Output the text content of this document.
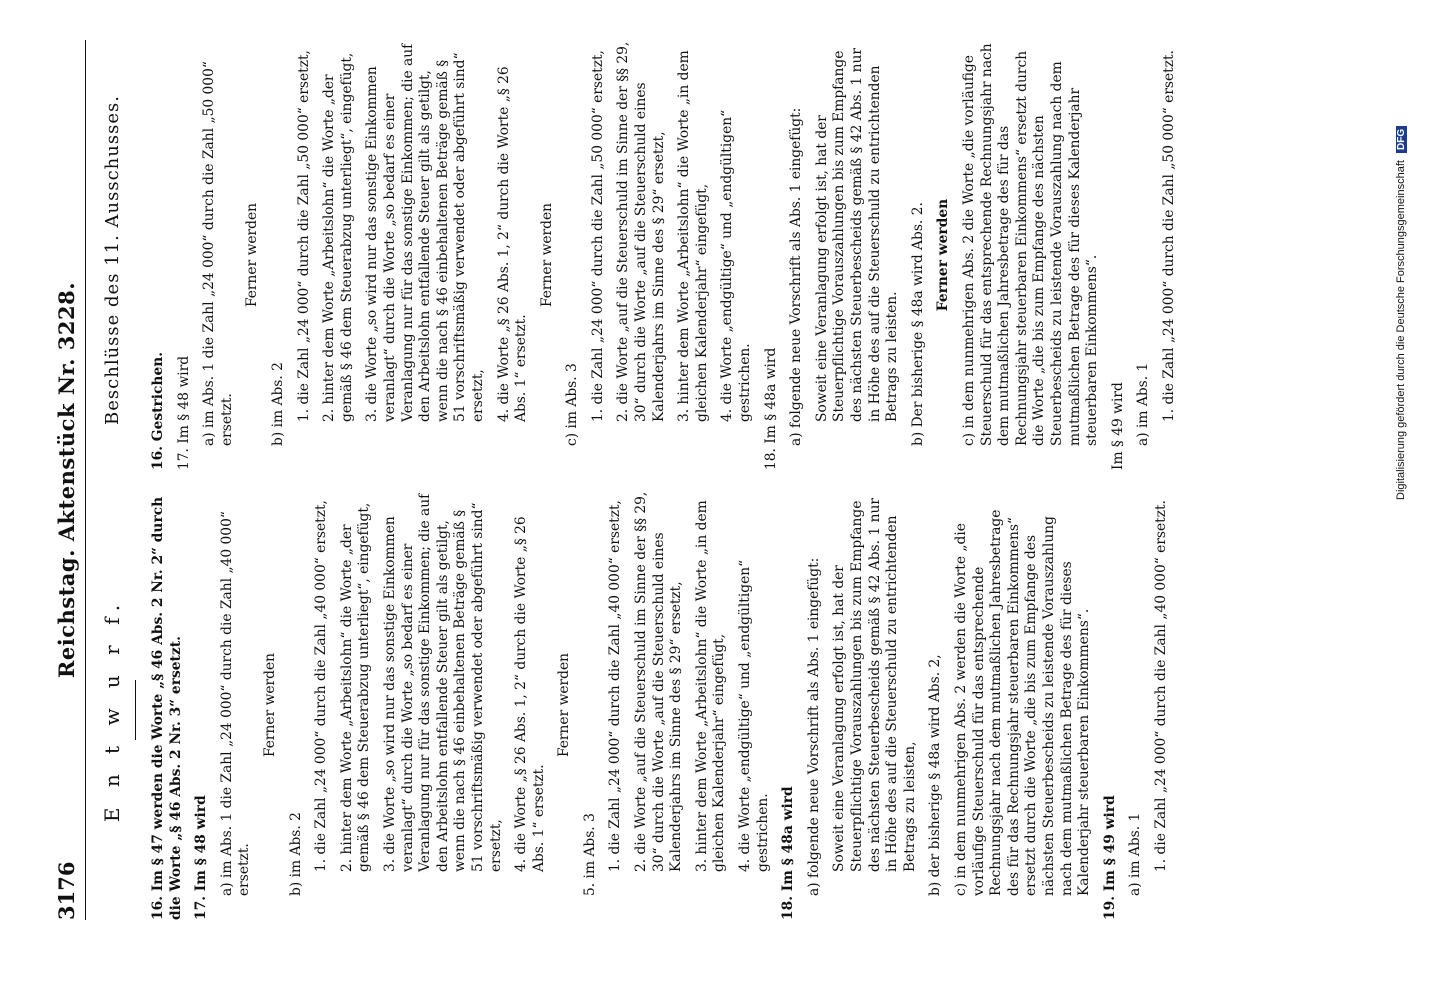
3176
Reichstag. Aktenstück Nr. 3228.
E n t w u r f.
Beschlüsse des 11. Ausschusses.
16. Im § 47 werden die Worte „§ 46 Abs. 2 Nr. 2“ durch die Worte „§ 46 Abs. 2 Nr. 3“ ersetzt. 17. Im § 48 wird a) im Abs. 1 die Zahl „24 000“ durch die Zahl „40 000“ ersetzt.
Ferner werden
b) im Abs. 2 1. die Zahl „24 000“ durch die Zahl „40 000“ ersetzt, 2. hinter dem Worte „Arbeitslohn“ die Worte „der gemäß § 46 dem Steuerabzug unterliegt“, eingefügt, 3. die Worte „so wird nur das sonstige Einkommen veranlagt“ durch die Worte „so bedarf es einer Veranlagung nur für das sonstige Einkommen; die auf den Arbeitslohn entfallende Steuer gilt als getilgt, wenn die nach § 46 einbehaltenen Beträge gemäß § 51 vorschriftsmäßig verwendet oder abgeführt sind“ ersetzt, 4. die Worte „§ 26 Abs. 1, 2“ durch die Worte „§ 26 Abs. 1“ ersetzt.
Ferner werden
5. im Abs. 3 1. die Zahl „24 000“ durch die Zahl „40 000“ ersetzt, 2. die Worte „auf die Steuerschuld im Sinne der §§ 29, 30“ durch die Worte „auf die Steuerschuld eines Kalenderjahrs im Sinne des § 29“ ersetzt, 3. hinter dem Worte „Arbeitslohn“ die Worte „in dem gleichen Kalenderjahr“ eingefügt, 4. die Worte „endgültige“ und „endgültigen“ gestrichen. 18. Im § 48a wird a) folgende neue Vorschrift als Abs. 1 eingefügt: Soweit eine Veranlagung erfolgt ist, hat der Steuerpflichtige Vorauszahlungen bis zum Empfange des nächsten Steuerbescheids gemäß § 42 Abs. 1 nur in Höhe des auf die Steuerschuld zu entrichtenden Betrags zu leisten, b) der bisherige § 48a wird Abs. 2, c) in dem nunmehrigen Abs. 2 werden die Worte „die vorläufige Steuerschuld für das entsprechende Rechnungsjahr nach dem mutmaßlichen Jahresbetrage des für das Rechnungsjahr steuerbaren Einkommens“ ersetzt durch die Worte „die bis zum Empfange des nächsten Steuerbescheids zu leistende Vorauszahlung nach dem mutmaßlichen Betrage des für dieses Kalenderjahr steuerbaren Einkommens“. 19. Im § 49 wird a) im Abs. 1 1. die Zahl „24 000“ durch die Zahl „40 000“ ersetzt.
16. Gestrichen. 17. Im § 48 wird a) im Abs. 1 die Zahl „24 000“ durch die Zahl „50 000“ ersetzt.
Ferner werden
b) im Abs. 2 1. die Zahl „24 000“ durch die Zahl „50 000“ ersetzt, 2. hinter dem Worte „Arbeitslohn“ die Worte „der gemäß § 46 dem Steuerabzug unterliegt“, eingefügt, 3. die Worte „so wird nur das sonstige Einkommen veranlagt“ durch die Worte „so bedarf es einer Veranlagung nur für das sonstige Einkommen; die auf den Arbeitslohn entfallende Steuer gilt als getilgt, wenn die nach § 46 einbehaltenen Beträge gemäß § 51 vorschriftsmäßig verwendet oder abgeführt sind“ ersetzt, 4. die Worte „§ 26 Abs. 1, 2“ durch die Worte „§ 26 Abs. 1“ ersetzt.
Ferner werden
c) im Abs. 3 1. die Zahl „24 000“ durch die Zahl „50 000“ ersetzt, 2. die Worte „auf die Steuerschuld im Sinne der §§ 29, 30“ durch die Worte „auf die Steuerschuld eines Kalenderjahrs im Sinne des § 29“ ersetzt, 3. hinter dem Worte „Arbeitslohn“ die Worte „in dem gleichen Kalenderjahr“ eingefügt, 4. die Worte „endgültige“ und „endgültigen“ gestrichen. 18. Im § 48a wird a) folgende neue Vorschrift als Abs. 1 eingefügt: Soweit eine Veranlagung erfolgt ist, hat der Steuerpflichtige Vorauszahlungen bis zum Empfange des nächsten Steuerbescheids gemäß § 42 Abs. 1 nur in Höhe des auf die Steuerschuld zu entrichtenden Betrags zu leisten. b) Der bisherige § 48a wird Abs. 2. Ferner werden c) in dem nunmehrigen Abs. 2 die Worte „die vorläufige Steuerschuld für das entsprechende Rechnungsjahr nach dem mutmaßlichen Jahresbetrage des für das Rechnungsjahr steuerbaren Einkommens“ ersetzt durch die Worte „die bis zum Empfange des nächsten Steuerbescheids zu leistende Vorauszahlung nach dem mutmaßlichen Betrage des für dieses Kalenderjahr steuerbaren Einkommens“. Im § 49 wird a) im Abs. 1 1. die Zahl „24 000“ durch die Zahl „50 000“ ersetzt.	Digitalisierung gefördert durch die Deutsche Forschungsgemeinschaft DFG
